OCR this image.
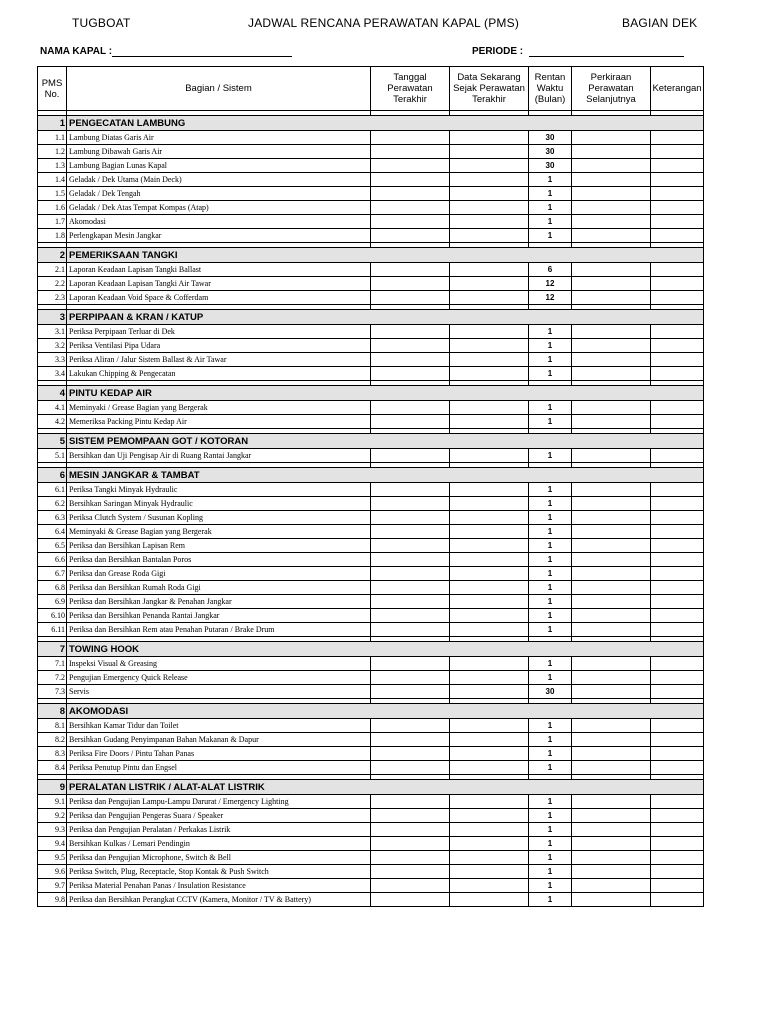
TUGBOAT	JADWAL RENCANA PERAWATAN KAPAL (PMS)	BAGIAN DEK
NAMA KAPAL :	PERIODE :
PMS No.	Bagian / Sistem	Tanggal Perawatan Terakhir	Data Sekarang Sejak Perawatan Terakhir	Rentan Waktu (Bulan)	Perkiraan Perawatan Selanjutnya	Keterangan

1	PENGECATAN LAMBUNG					
1.1	Lambung Diatas Garis Air			30		
1.2	Lambung Dibawah Garis Air			30		
1.3	Lambung Bagian Lunas Kapal			30		
1.4	Geladak / Dek Utama (Main Deck)			1		
1.5	Geladak / Dek Tengah			1		
1.6	Geladak / Dek Atas Tempat Kompas (Atap)			1		
1.7	Akomodasi			1		
1.8	Perlengkapan Mesin Jangkar			1		

2	PEMERIKSAAN TANGKI					
2.1	Laporan Keadaan Lapisan Tangki Ballast			6		
2.2	Laporan Keadaan Lapisan Tangki Air Tawar			12		
2.3	Laporan Keadaan Void Space & Cofferdam			12		

3	PERPIPAAN & KRAN / KATUP					
3.1	Periksa Perpipaan Terluar di Dek			1		
3.2	Periksa Ventilasi Pipa Udara			1		
3.3	Periksa Aliran / Jalur Sistem Ballast & Air Tawar			1		
3.4	Lakukan Chipping & Pengecatan			1		

4	PINTU KEDAP AIR					
4.1	Meminyaki / Grease Bagian yang Bergerak			1		
4.2	Memeriksa Packing Pintu Kedap Air			1		

5	SISTEM PEMOMPAAN GOT / KOTORAN					
5.1	Bersihkan dan Uji Pengisap Air di Ruang Rantai Jangkar			1		

6	MESIN JANGKAR & TAMBAT					
6.1	Periksa Tangki Minyak Hydraulic			1		
6.2	Bersihkan Saringan Minyak Hydraulic			1		
6.3	Periksa Clutch System / Susunan Kopling			1		
6.4	Meminyaki & Grease Bagian yang Bergerak			1		
6.5	Periksa dan Bersihkan Lapisan Rem			1		
6.6	Periksa dan Bersihkan Bantalan Poros			1		
6.7	Periksa dan Grease Roda Gigi			1		
6.8	Periksa dan Bersihkan Rumah Roda Gigi			1		
6.9	Periksa dan Bersihkan Jangkar & Penahan Jangkar			1		
6.10	Periksa dan Bersihkan Penanda Rantai Jangkar			1		
6.11	Periksa dan Bersihkan Rem atau Penahan Putaran / Brake Drum			1		

7	TOWING HOOK					
7.1	Inspeksi Visual & Greasing			1		
7.2	Pengujian Emergency Quick Release			1		
7.3	Servis			30		

8	AKOMODASI					
8.1	Bersihkan Kamar Tidur dan Toilet			1		
8.2	Bersihkan Gudang Penyimpanan Bahan Makanan & Dapur			1		
8.3	Periksa Fire Doors / Pintu Tahan Panas			1		
8.4	Periksa Penutup Pintu dan Engsel			1		

9	PERALATAN LISTRIK / ALAT-ALAT LISTRIK					
9.1	Periksa dan Pengujian Lampu-Lampu Darurat / Emergency Lighting			1		
9.2	Periksa dan Pengujian Pengeras Suara / Speaker			1		
9.3	Periksa dan Pengujian Peralatan / Perkakas Listrik			1		
9.4	Bersihkan Kulkas / Lemari Pendingin			1		
9.5	Periksa dan Pengujian Microphone, Switch & Bell			1		
9.6	Periksa Switch, Plug, Receptacle, Stop Kontak & Push Switch			1		
9.7	Periksa Material Penahan Panas / Insulation Resistance			1		
9.8	Periksa dan Bersihkan Perangkat CCTV (Kamera, Monitor / TV & Battery)			1		
